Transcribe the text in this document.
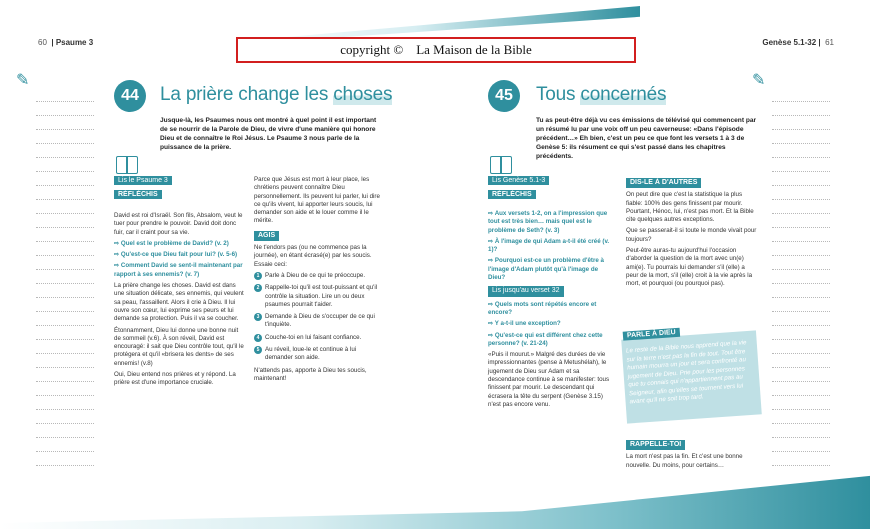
60 | Psaume 3	Genèse 5.1-32 | 61
copyright ©    La Maison de la Bible
✎	✎
44	La prière change les choses
Jusque-là, les Psaumes nous ont montré à quel point il est important de se nourrir de la Parole de Dieu, de vivre d'une manière qui honore Dieu et de connaître le Roi Jésus. Le Psaume 3 nous parle de la puissance de la prière.
Lis le Psaume 3
RÉFLÉCHIS

David est roi d'Israël. Son fils, Absalom, veut le tuer pour prendre le pouvoir. David doit donc fuir, car il craint pour sa vie.

⇨ Quel est le problème de David? (v. 2)

⇨ Qu'est-ce que Dieu fait pour lui? (v. 5-6)

⇨ Comment David se sent-il maintenant par rapport à ses ennemis? (v. 7)

La prière change les choses. David est dans une situation délicate, ses ennemis, qui veulent sa peau, l'assaillent. Alors il crie à Dieu. Il lui ouvre son cœur, lui exprime ses peurs et lui demande sa protection. Puis il va se coucher.

Étonnamment, Dieu lui donne une bonne nuit de sommeil (v.6). À son réveil, David est encouragé: il sait que Dieu contrôle tout, qu'il le protégera et qu'il «brisera les dents» de ses ennemis! (v.8)

Oui, Dieu entend nos prières et y répond. La prière est d'une importance cruciale.

Parce que Jésus est mort à leur place, les chrétiens peuvent connaître Dieu personnellement. Ils peuvent lui parler, lui dire ce qu'ils vivent, lui apporter leurs soucis, lui demander son aide et le louer comme il le mérite.

AGIS

Ne t'endors pas (ou ne commence pas la journée), en étant écrasé(e) par les soucis. Essaie ceci:

1 Parle à Dieu de ce qui te préoccupe.
2 Rappelle-toi qu'il est tout-puissant et qu'il contrôle la situation. Lire un ou deux psaumes pourrait t'aider.
3 Demande à Dieu de s'occuper de ce qui t'inquiète.
4 Couche-toi en lui faisant confiance.
5 Au réveil, loue-le et continue à lui demander son aide.

N'attends pas, apporte à Dieu tes soucis, maintenant!

45	Tous concernés
Tu as peut-être déjà vu ces émissions de télévisé qui commencent par un résumé lu par une voix off un peu caverneuse: «Dans l'épisode précédent…» Eh bien, c'est un peu ce que font les versets 1 à 3 de Genèse 5: ils résument ce qui s'est passé dans les chapitres précédents.
Lis Genèse 5.1-3
RÉFLÉCHIS

⇨ Aux versets 1-2, on a l'impression que tout est très bien… mais quel est le problème de Seth? (v. 3)

⇨ À l'image de qui Adam a-t-il été créé (v. 1)?

⇨ Pourquoi est-ce un problème d'être à l'image d'Adam plutôt qu'à l'image de Dieu?

Lis jusqu'au verset 32

⇨ Quels mots sont répétés encore et encore?

⇨ Y a-t-il une exception?

⇨ Qu'est-ce qui est différent chez cette personne? (v. 21-24)

«Puis il mourut.» Malgré des durées de vie impressionnantes (pense à Metushélah), le jugement de Dieu sur Adam et sa descendance continue à se manifester: tous finissent par mourir. Le descendant qui écrasera la tête du serpent (Genèse 3.15) n'est pas encore venu.

DIS-LE À D'AUTRES

On peut dire que c'est la statistique la plus fiable: 100% des gens finissent par mourir. Pourtant, Hénoc, lui, n'est pas mort. Et la Bible cite quelques autres exceptions.

Que se passerait-il si toute le monde vivait pour toujours?

Peut-être auras-tu aujourd'hui l'occasion d'aborder la question de la mort avec un(e) ami(e). Tu pourrais lui demander s'il (elle) a peur de la mort, s'il (elle) croit à la vie après la mort, et pourquoi (ou pourquoi pas).

PARLE À DIEU
Le reste de la Bible nous apprend que la vie sur la terre n'est pas la fin de tout. Tout être humain mourra un jour et sera confronté au jugement de Dieu. Prie pour les personnes que tu connais qui n'appartiennent pas au Seigneur, afin qu'elles se tournent vers lui avant qu'il ne soit trop tard.

RAPPELLE-TOI

La mort n'est pas la fin. Et c'est une bonne nouvelle. Du moins, pour certains…
